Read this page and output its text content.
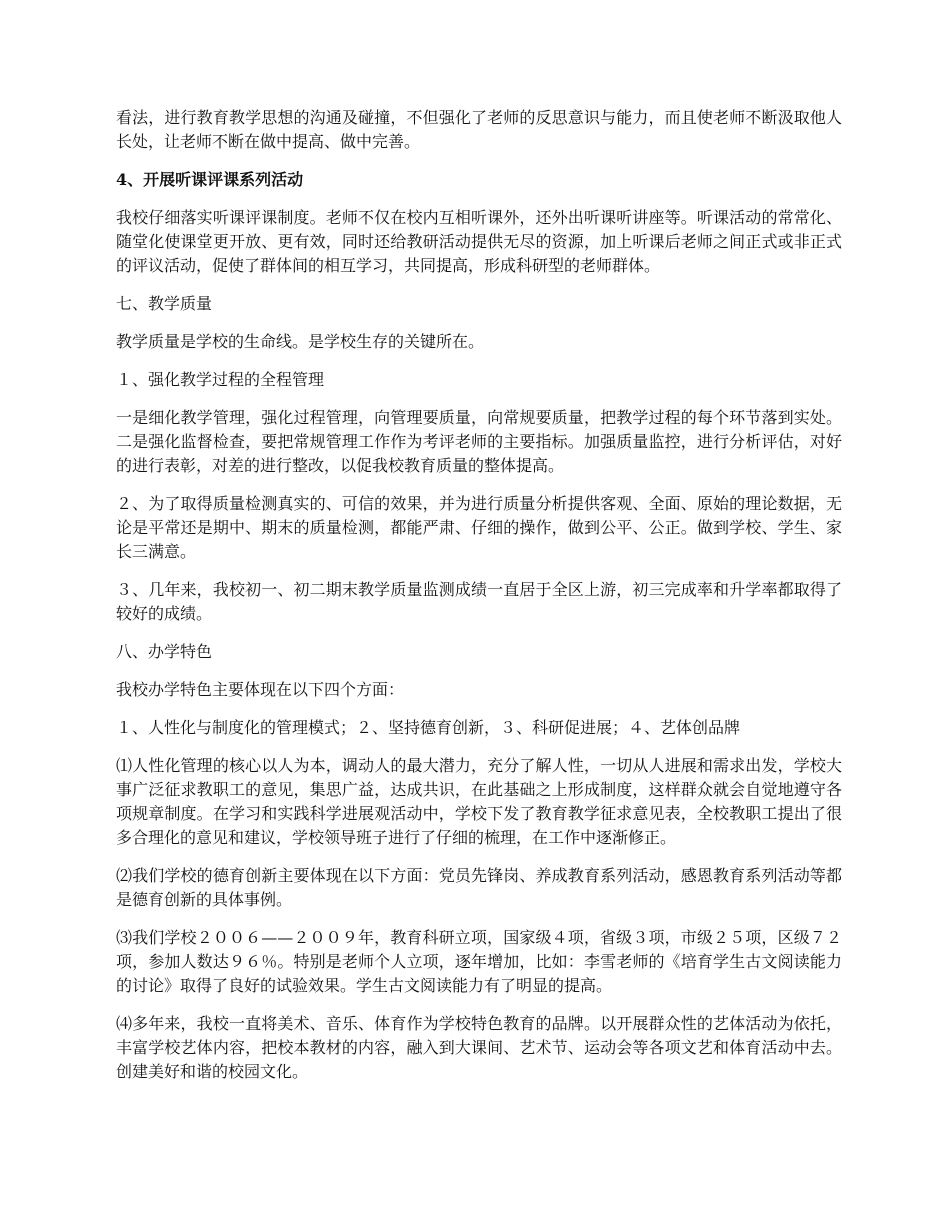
看法，进行教育教学思想的沟通及碰撞，不但强化了老师的反思意识与能力，而且使老师不断汲取他人长处，让老师不断在做中提高、做中完善。

4、开展听课评课系列活动

我校仔细落实听课评课制度。老师不仅在校内互相听课外，还外出听课听讲座等。听课活动的常常化、随堂化使课堂更开放、更有效，同时还给教研活动提供无尽的资源，加上听课后老师之间正式或非正式的评议活动，促使了群体间的相互学习，共同提高，形成科研型的老师群体。

七、教学质量

教学质量是学校的生命线。是学校生存的关键所在。

１、强化教学过程的全程管理

一是细化教学管理，强化过程管理，向管理要质量，向常规要质量，把教学过程的每个环节落到实处。二是强化监督检查，要把常规管理工作作为考评老师的主要指标。加强质量监控，进行分析评估，对好的进行表彰，对差的进行整改，以促我校教育质量的整体提高。

２、为了取得质量检测真实的、可信的效果，并为进行质量分析提供客观、全面、原始的理论数据，无论是平常还是期中、期末的质量检测，都能严肃、仔细的操作，做到公平、公正。做到学校、学生、家长三满意。

３、几年来，我校初一、初二期末教学质量监测成绩一直居于全区上游，初三完成率和升学率都取得了较好的成绩。

八、办学特色

我校办学特色主要体现在以下四个方面：

１、人性化与制度化的管理模式；２、坚持德育创新，３、科研促进展；４、艺体创品牌

⑴人性化管理的核心以人为本，调动人的最大潜力，充分了解人性，一切从人进展和需求出发，学校大事广泛征求教职工的意见，集思广益，达成共识，在此基础之上形成制度，这样群众就会自觉地遵守各项规章制度。在学习和实践科学进展观活动中，学校下发了教育教学征求意见表，全校教职工提出了很多合理化的意见和建议，学校领导班子进行了仔细的梳理，在工作中逐渐修正。

⑵我们学校的德育创新主要体现在以下方面：党员先锋岗、养成教育系列活动，感恩教育系列活动等都是德育创新的具体事例。

⑶我们学校２００６——２００９年，教育科研立项，国家级４项，省级３项，市级２５项，区级７２项，参加人数达９６％。特别是老师个人立项，逐年增加，比如：李雪老师的《培育学生古文阅读能力的讨论》取得了良好的试验效果。学生古文阅读能力有了明显的提高。

⑷多年来，我校一直将美术、音乐、体育作为学校特色教育的品牌。以开展群众性的艺体活动为依托，丰富学校艺体内容，把校本教材的内容，融入到大课间、艺术节、运动会等各项文艺和体育活动中去。创建美好和谐的校园文化。
